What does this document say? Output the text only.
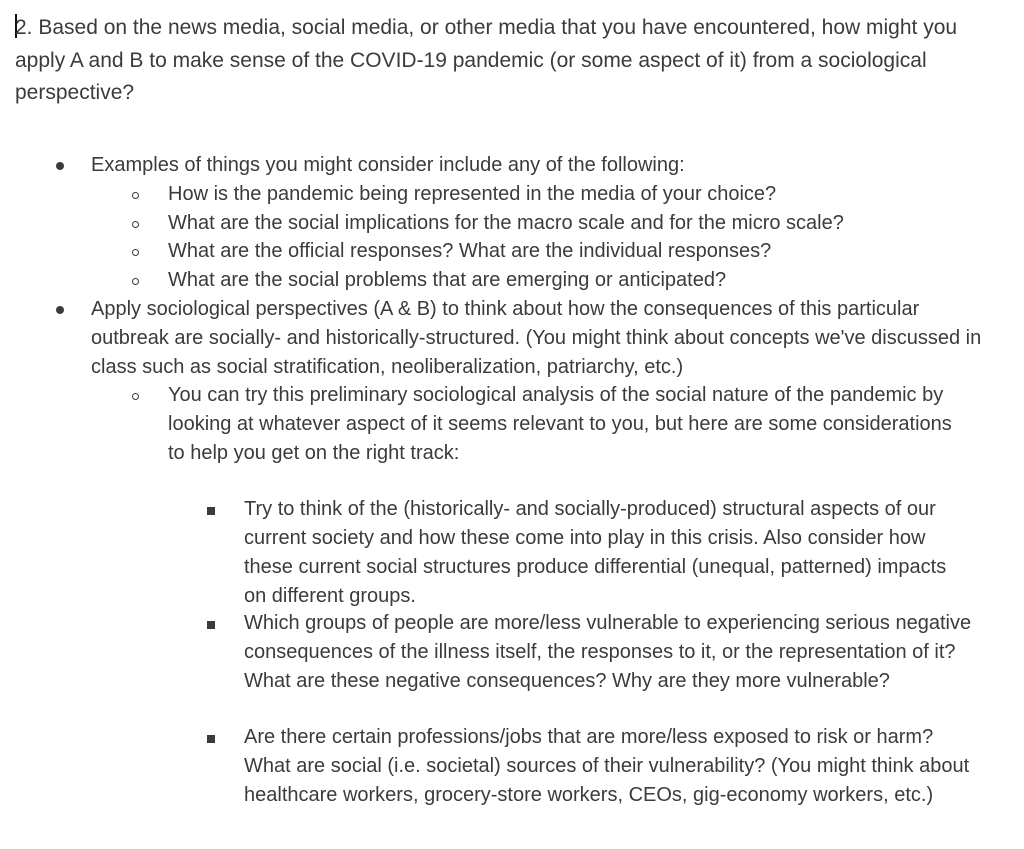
2. Based on the news media, social media, or other media that you have encountered, how might you apply A and B to make sense of the COVID-19 pandemic (or some aspect of it) from a sociological perspective?

Examples of things you might consider include any of the following:
How is the pandemic being represented in the media of your choice?
What are the social implications for the macro scale and for the micro scale?
What are the official responses? What are the individual responses?
What are the social problems that are emerging or anticipated?
Apply sociological perspectives (A & B) to think about how the consequences of this particular outbreak are socially- and historically-structured. (You might think about concepts we've discussed in class such as social stratification, neoliberalization, patriarchy, etc.)
You can try this preliminary sociological analysis of the social nature of the pandemic by looking at whatever aspect of it seems relevant to you, but here are some considerations to help you get on the right track:
Try to think of the (historically- and socially-produced) structural aspects of our current society and how these come into play in this crisis. Also consider how these current social structures produce differential (unequal, patterned) impacts on different groups.
Which groups of people are more/less vulnerable to experiencing serious negative consequences of the illness itself, the responses to it, or the representation of it? What are these negative consequences? Why are they more vulnerable?
Are there certain professions/jobs that are more/less exposed to risk or harm? What are social (i.e. societal) sources of their vulnerability? (You might think about healthcare workers, grocery-store workers, CEOs, gig-economy workers, etc.)
